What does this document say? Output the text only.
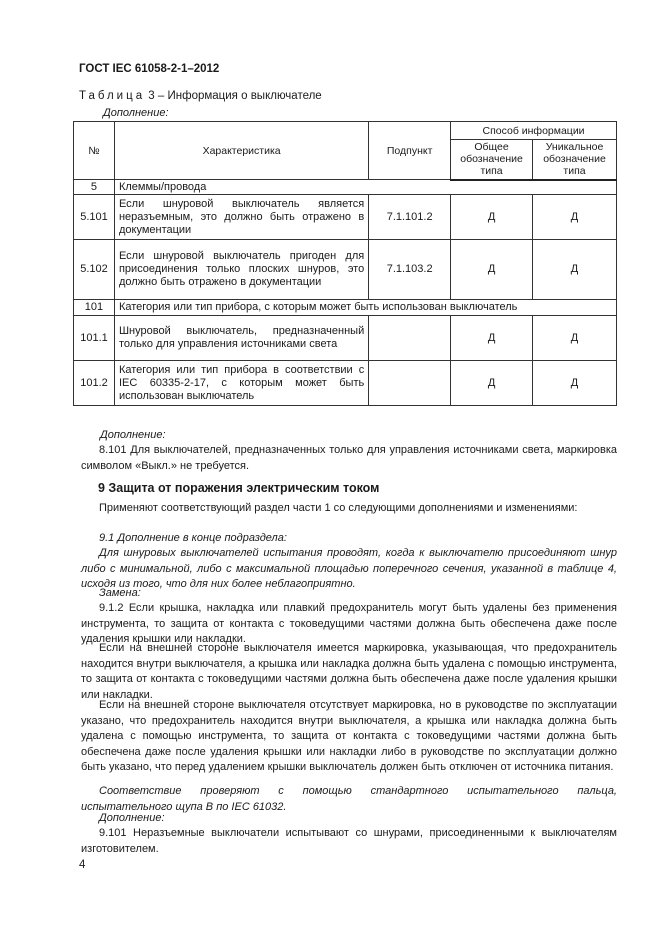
ГОСТ IEC 61058-2-1–2012
Таблица 3 – Информация о выключателе
Дополнение:
№	Характеристика	Подпункт	Способ информации	
			Общее обозначение типа	Уникальное обозначение типа
5	Клеммы/провода			
5.101	Если шнуровой выключатель является неразъемным, это должно быть отражено в документации	7.1.101.2	Д	Д
5.102	Если шнуровой выключатель пригоден для присоединения только плоских шнуров, это должно быть отражено в документации	7.1.103.2	Д	Д
101	Категория или тип прибора, с которым может быть использован выключатель			
101.1	Шнуровой выключатель, предназначенный только для управления источниками света		Д	Д
101.2	Категория или тип прибора в соответствии с IEC 60335-2-17, с которым может быть использован выключатель		Д	Д
Дополнение:
8.101 Для выключателей, предназначенных только для управления источниками света, маркировка символом «Выкл.» не требуется.
9 Защита от поражения электрическим током
Применяют соответствующий раздел части 1 со следующими дополнениями и изменениями:
9.1 Дополнение в конце подраздела:
Для шнуровых выключателей испытания проводят, когда к выключателю присоединяют шнур либо с минимальной, либо с максимальной площадью поперечного сечения, указанной в таблице 4, исходя из того, что для них более неблагоприятно.
Замена:
9.1.2 Если крышка, накладка или плавкий предохранитель могут быть удалены без применения инструмента, то защита от контакта с токоведущими частями должна быть обеспечена даже после удаления крышки или накладки.
Если на внешней стороне выключателя имеется маркировка, указывающая, что предохранитель находится внутри выключателя, а крышка или накладка должна быть удалена с помощью инструмента, то защита от контакта с токоведущими частями должна быть обеспечена даже после удаления крышки или накладки.
Если на внешней стороне выключателя отсутствует маркировка, но в руководстве по эксплуатации указано, что предохранитель находится внутри выключателя, а крышка или накладка должна быть удалена с помощью инструмента, то защита от контакта с токоведущими частями должна быть обеспечена даже после удаления крышки или накладки либо в руководстве по эксплуатации должно быть указано, что перед удалением крышки выключатель должен быть отключен от источника питания.
Соответствие проверяют с помощью стандартного испытательного пальца, испытательного щупа B по IEC 61032.
Дополнение:
9.101 Неразъемные выключатели испытывают со шнурами, присоединенными к выключателям изготовителем.
4
